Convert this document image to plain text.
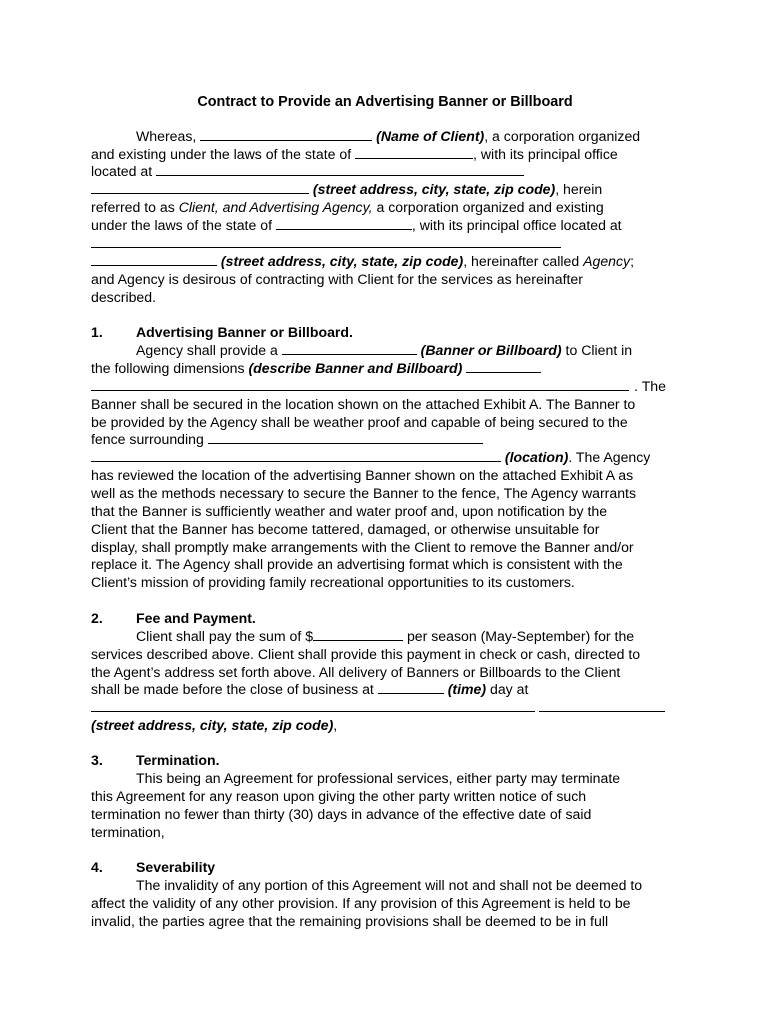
Contract to Provide an Advertising Banner or Billboard
Whereas,	(Name of Client), a corporation organized
and existing under the laws of the state of	, with its principal office
located at
(street address, city, state, zip code), herein
referred to as Client, and Advertising Agency, a corporation organized and existing
under the laws of the state of	, with its principal office located at
(street address, city, state, zip code), hereinafter called Agency;
and Agency is desirous of contracting with Client for the services as hereinafter
described.
1. Advertising Banner or Billboard.
Agency shall provide a	(Banner or Billboard) to Client in
the following dimensions (describe Banner and Billboard)
. The
Banner shall be secured in the location shown on the attached Exhibit A. The Banner to
be provided by the Agency shall be weather proof and capable of being secured to the
fence surrounding
(location). The Agency
has reviewed the location of the advertising Banner shown on the attached Exhibit A as
well as the methods necessary to secure the Banner to the fence, The Agency warrants
that the Banner is sufficiently weather and water proof and, upon notification by the
Client that the Banner has become tattered, damaged, or otherwise unsuitable for
display, shall promptly make arrangements with the Client to remove the Banner and/or
replace it. The Agency shall provide an advertising format which is consistent with the
Client’s mission of providing family recreational opportunities to its customers.
2. Fee and Payment.
Client shall pay the sum of $	per season (May-September) for the
services described above. Client shall provide this payment in check or cash, directed to
the Agent’s address set forth above. All delivery of Banners or Billboards to the Client
shall be made before the close of business at	(time) day at

(street address, city, state, zip code),
3. Termination.
This being an Agreement for professional services, either party may terminate
this Agreement for any reason upon giving the other party written notice of such
termination no fewer than thirty (30) days in advance of the effective date of said
termination,
4. Severability
The invalidity of any portion of this Agreement will not and shall not be deemed to
affect the validity of any other provision. If any provision of this Agreement is held to be
invalid, the parties agree that the remaining provisions shall be deemed to be in full
